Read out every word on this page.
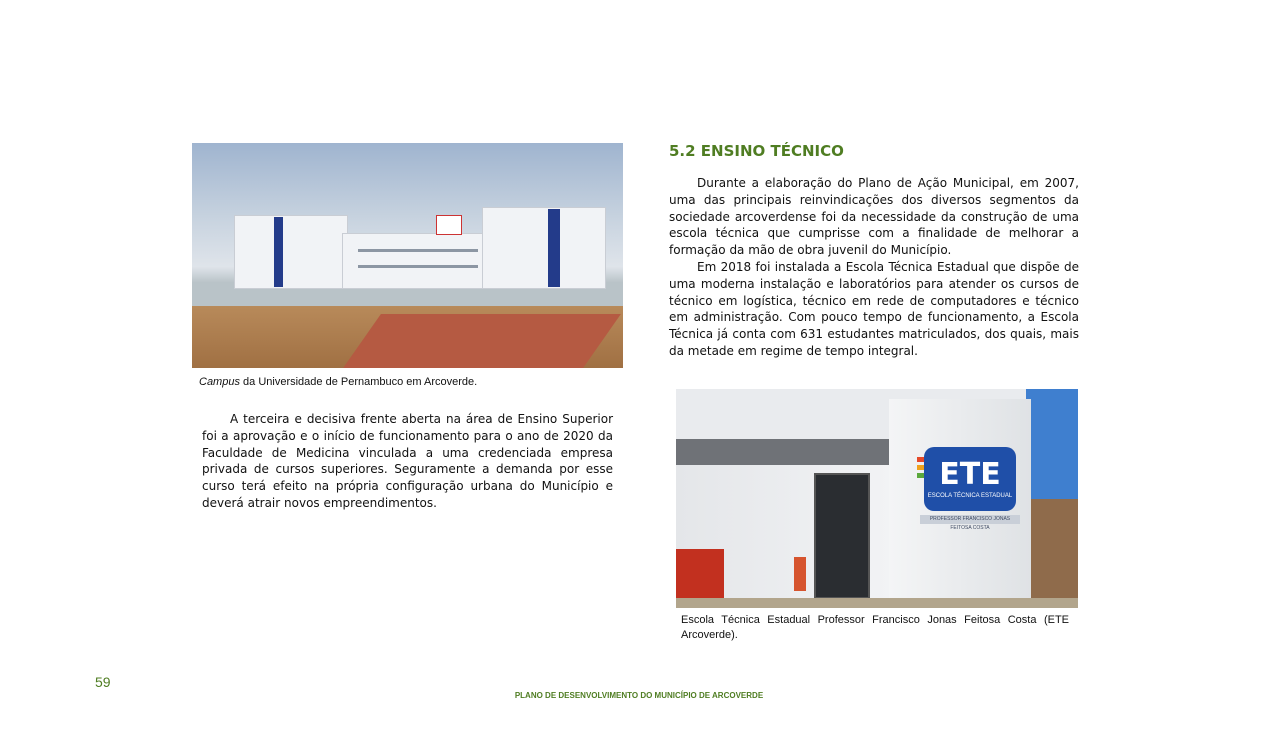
Campus da Universidade de Pernambuco em Arcoverde.

A terceira e decisiva frente aberta na área de Ensino Superior foi a aprovação e o início de funcionamento para o ano de 2020 da Faculdade de Medicina vinculada a uma credenciada empresa privada de cursos superiores. Seguramente a demanda por esse curso terá efeito na própria configuração urbana do Município e deverá atrair novos empreendimentos.

5.2 ENSINO TÉCNICO

Durante a elaboração do Plano de Ação Municipal, em 2007, uma das principais reinvindicações dos diversos segmentos da sociedade arcoverdense foi da necessidade da construção de uma escola técnica que cumprisse com a finalidade de melhorar a formação da mão de obra juvenil do Município.

Em 2018 foi instalada a Escola Técnica Estadual que dispõe de uma moderna instalação e laboratórios para atender os cursos de técnico em logística, técnico em rede de computadores e técnico em administração. Com pouco tempo de funcionamento, a Escola Técnica já conta com 631 estudantes matriculados, dos quais, mais da metade em regime de tempo integral.

ETE
ESCOLA TÉCNICA ESTADUAL
PROFESSOR FRANCISCO JONAS FEITOSA COSTA
Escola Técnica Estadual Professor Francisco Jonas Feitosa Costa (ETE Arcoverde).
59
PLANO DE DESENVOLVIMENTO DO MUNICÍPIO DE ARCOVERDE
